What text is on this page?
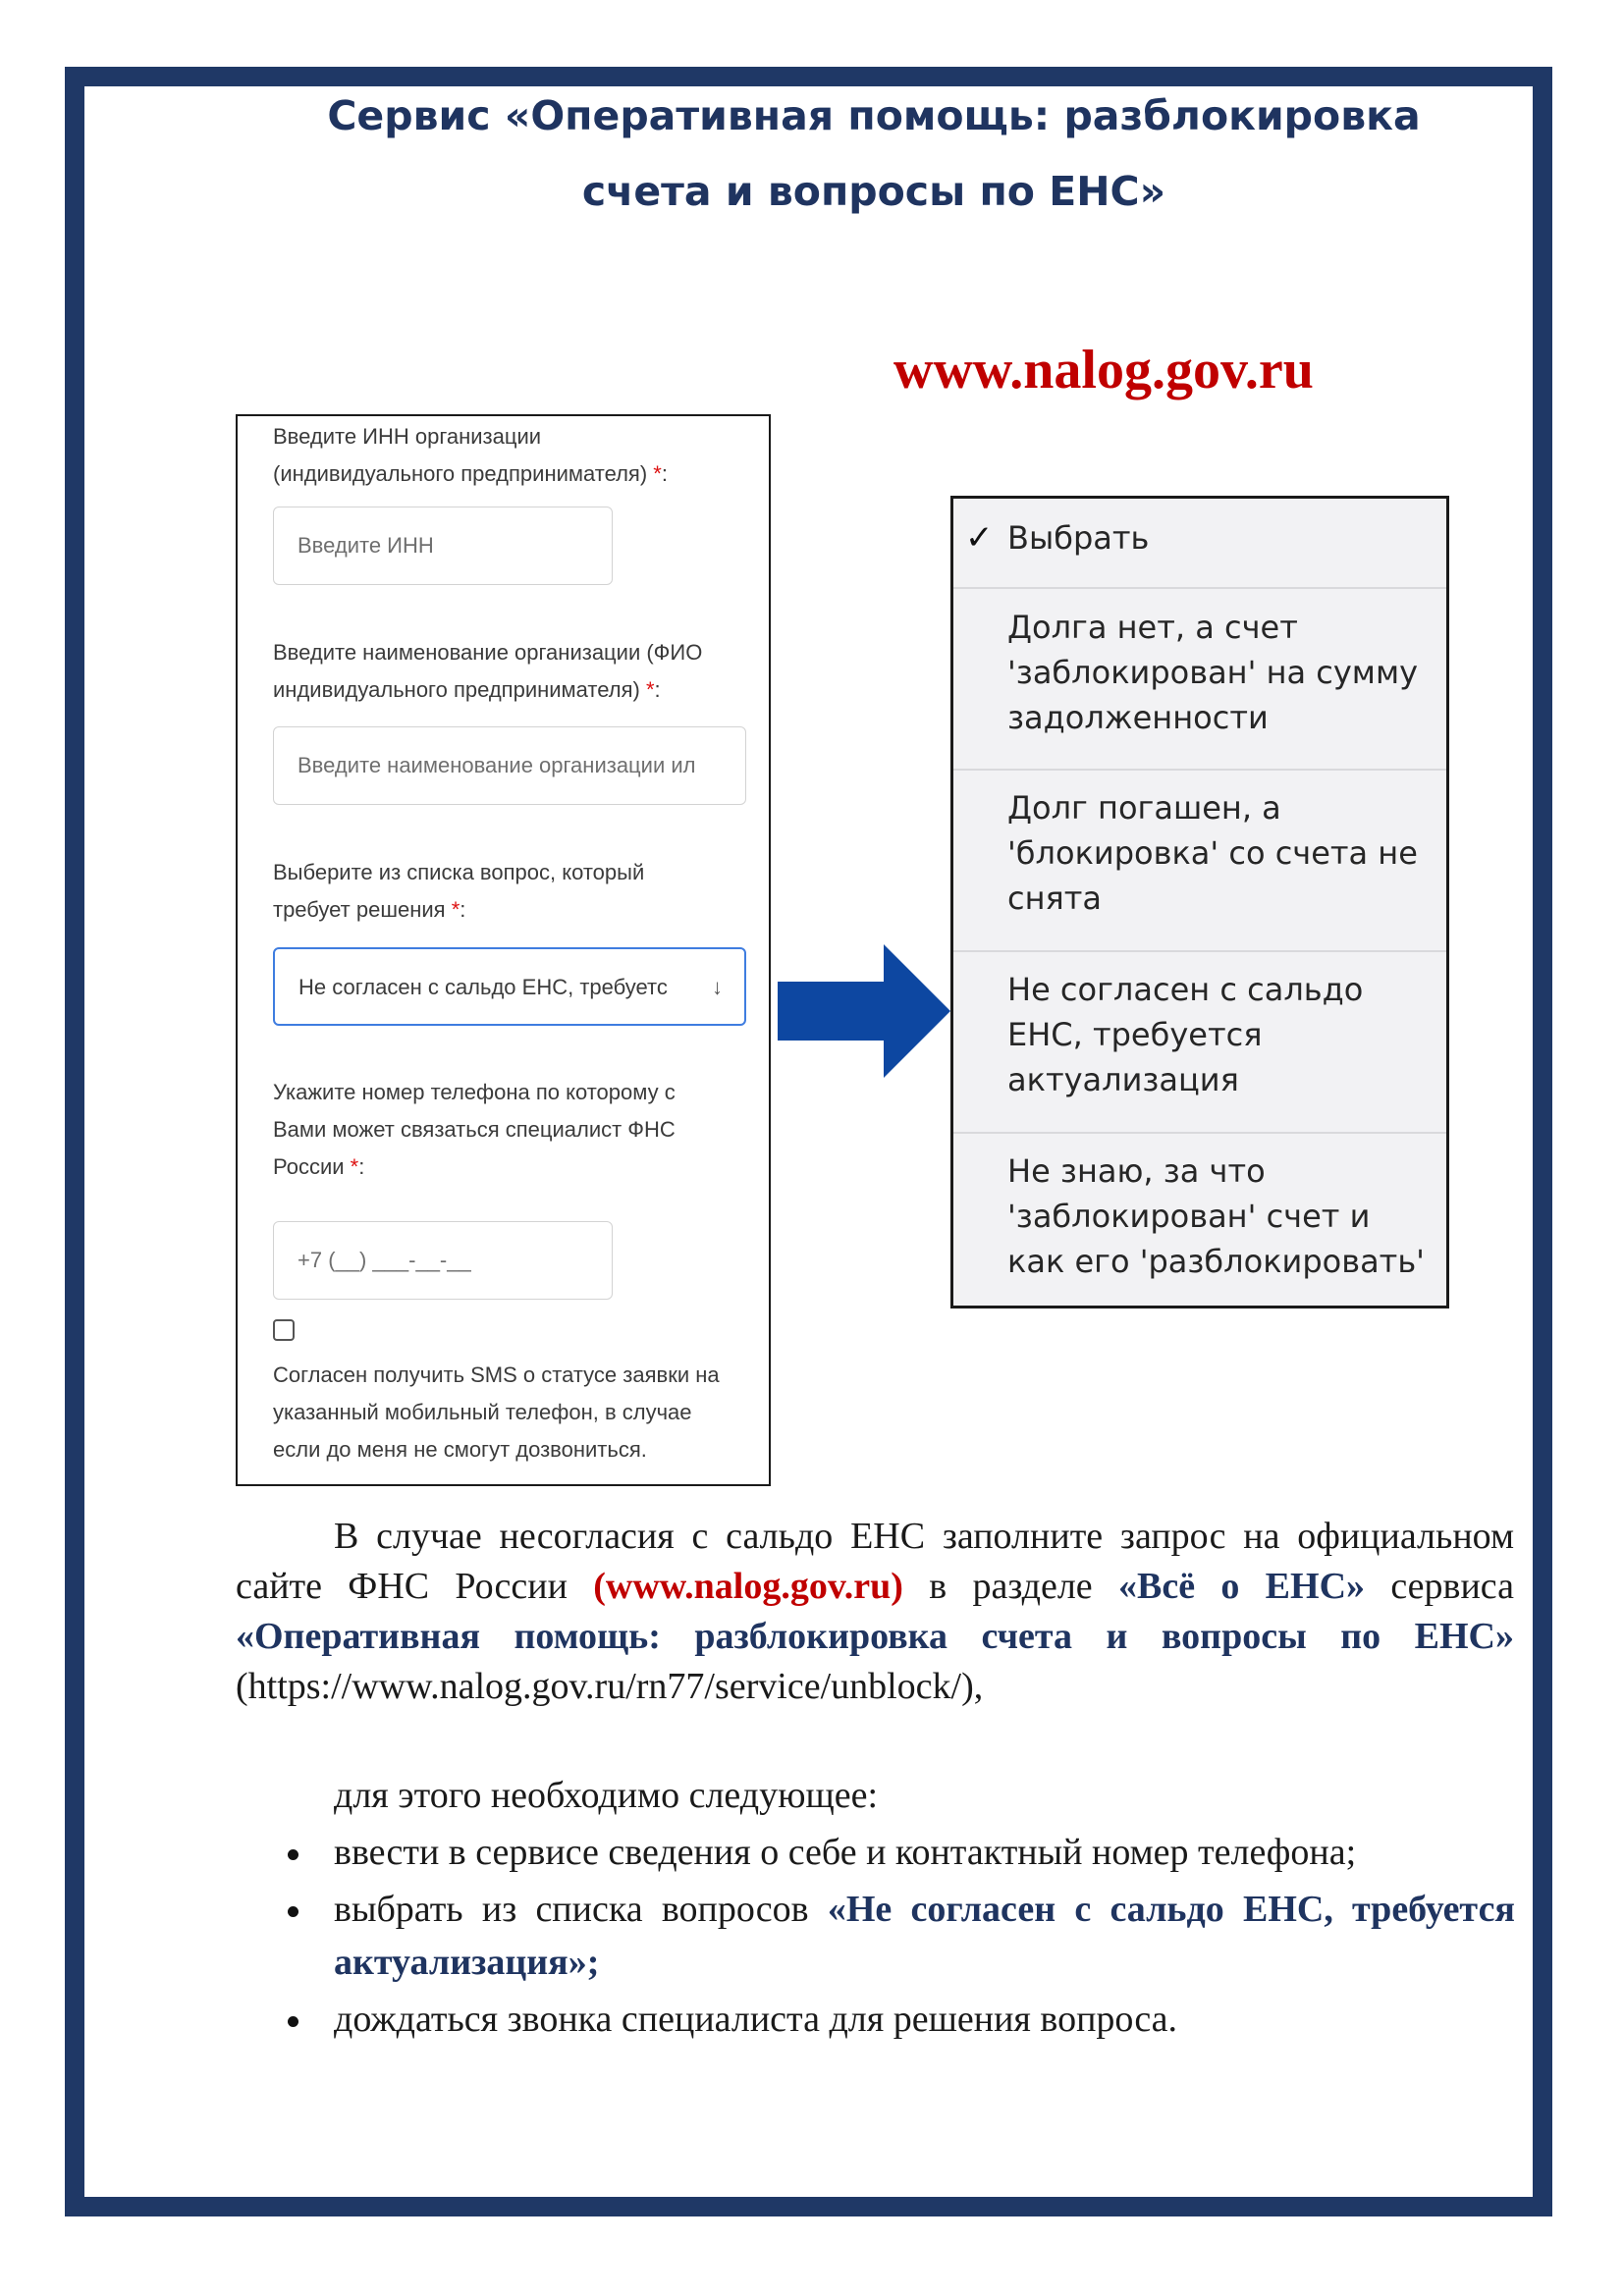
Сервис «Оперативная помощь: разблокировка
счета и вопросы по ЕНС»
www.nalog.gov.ru
Введите ИНН организации
(индивидуального предпринимателя) *:
Введите ИНН
Введите наименование организации (ФИО
индивидуального предпринимателя) *:
Введите наименование организации ил
Выберите из списка вопрос, который
требует решения *:
Не согласен с сальдо ЕНС, требуетс ↓
Укажите номер телефона по которому с
Вами может связаться специалист ФНС
России *:
+7 (__) ___-__-__
Согласен получить SMS о статусе заявки на
указанный мобильный телефон, в случае
если до меня не смогут дозвониться.
✓ Выбрать
Долга нет, а счет
'заблокирован' на сумму
задолженности
Долг погашен, а
'блокировка' со счета не
снята
Не согласен с сальдо
ЕНС, требуется
актуализация
Не знаю, за что
'заблокирован' счет и
как его 'разблокировать'
В случае несогласия с сальдо ЕНС заполните запрос на официальном сайте ФНС России (www.nalog.gov.ru) в разделе «Всё о ЕНС» сервиса «Оперативная помощь: разблокировка счета и вопросы по ЕНС» (https://www.nalog.gov.ru/rn77/service/unblock/),
для этого необходимо следующее:
ввести в сервисе сведения о себе и контактный номер телефона;
выбрать из списка вопросов «Не согласен с сальдо ЕНС, требуется актуализация»;
дождаться звонка специалиста для решения вопроса.
